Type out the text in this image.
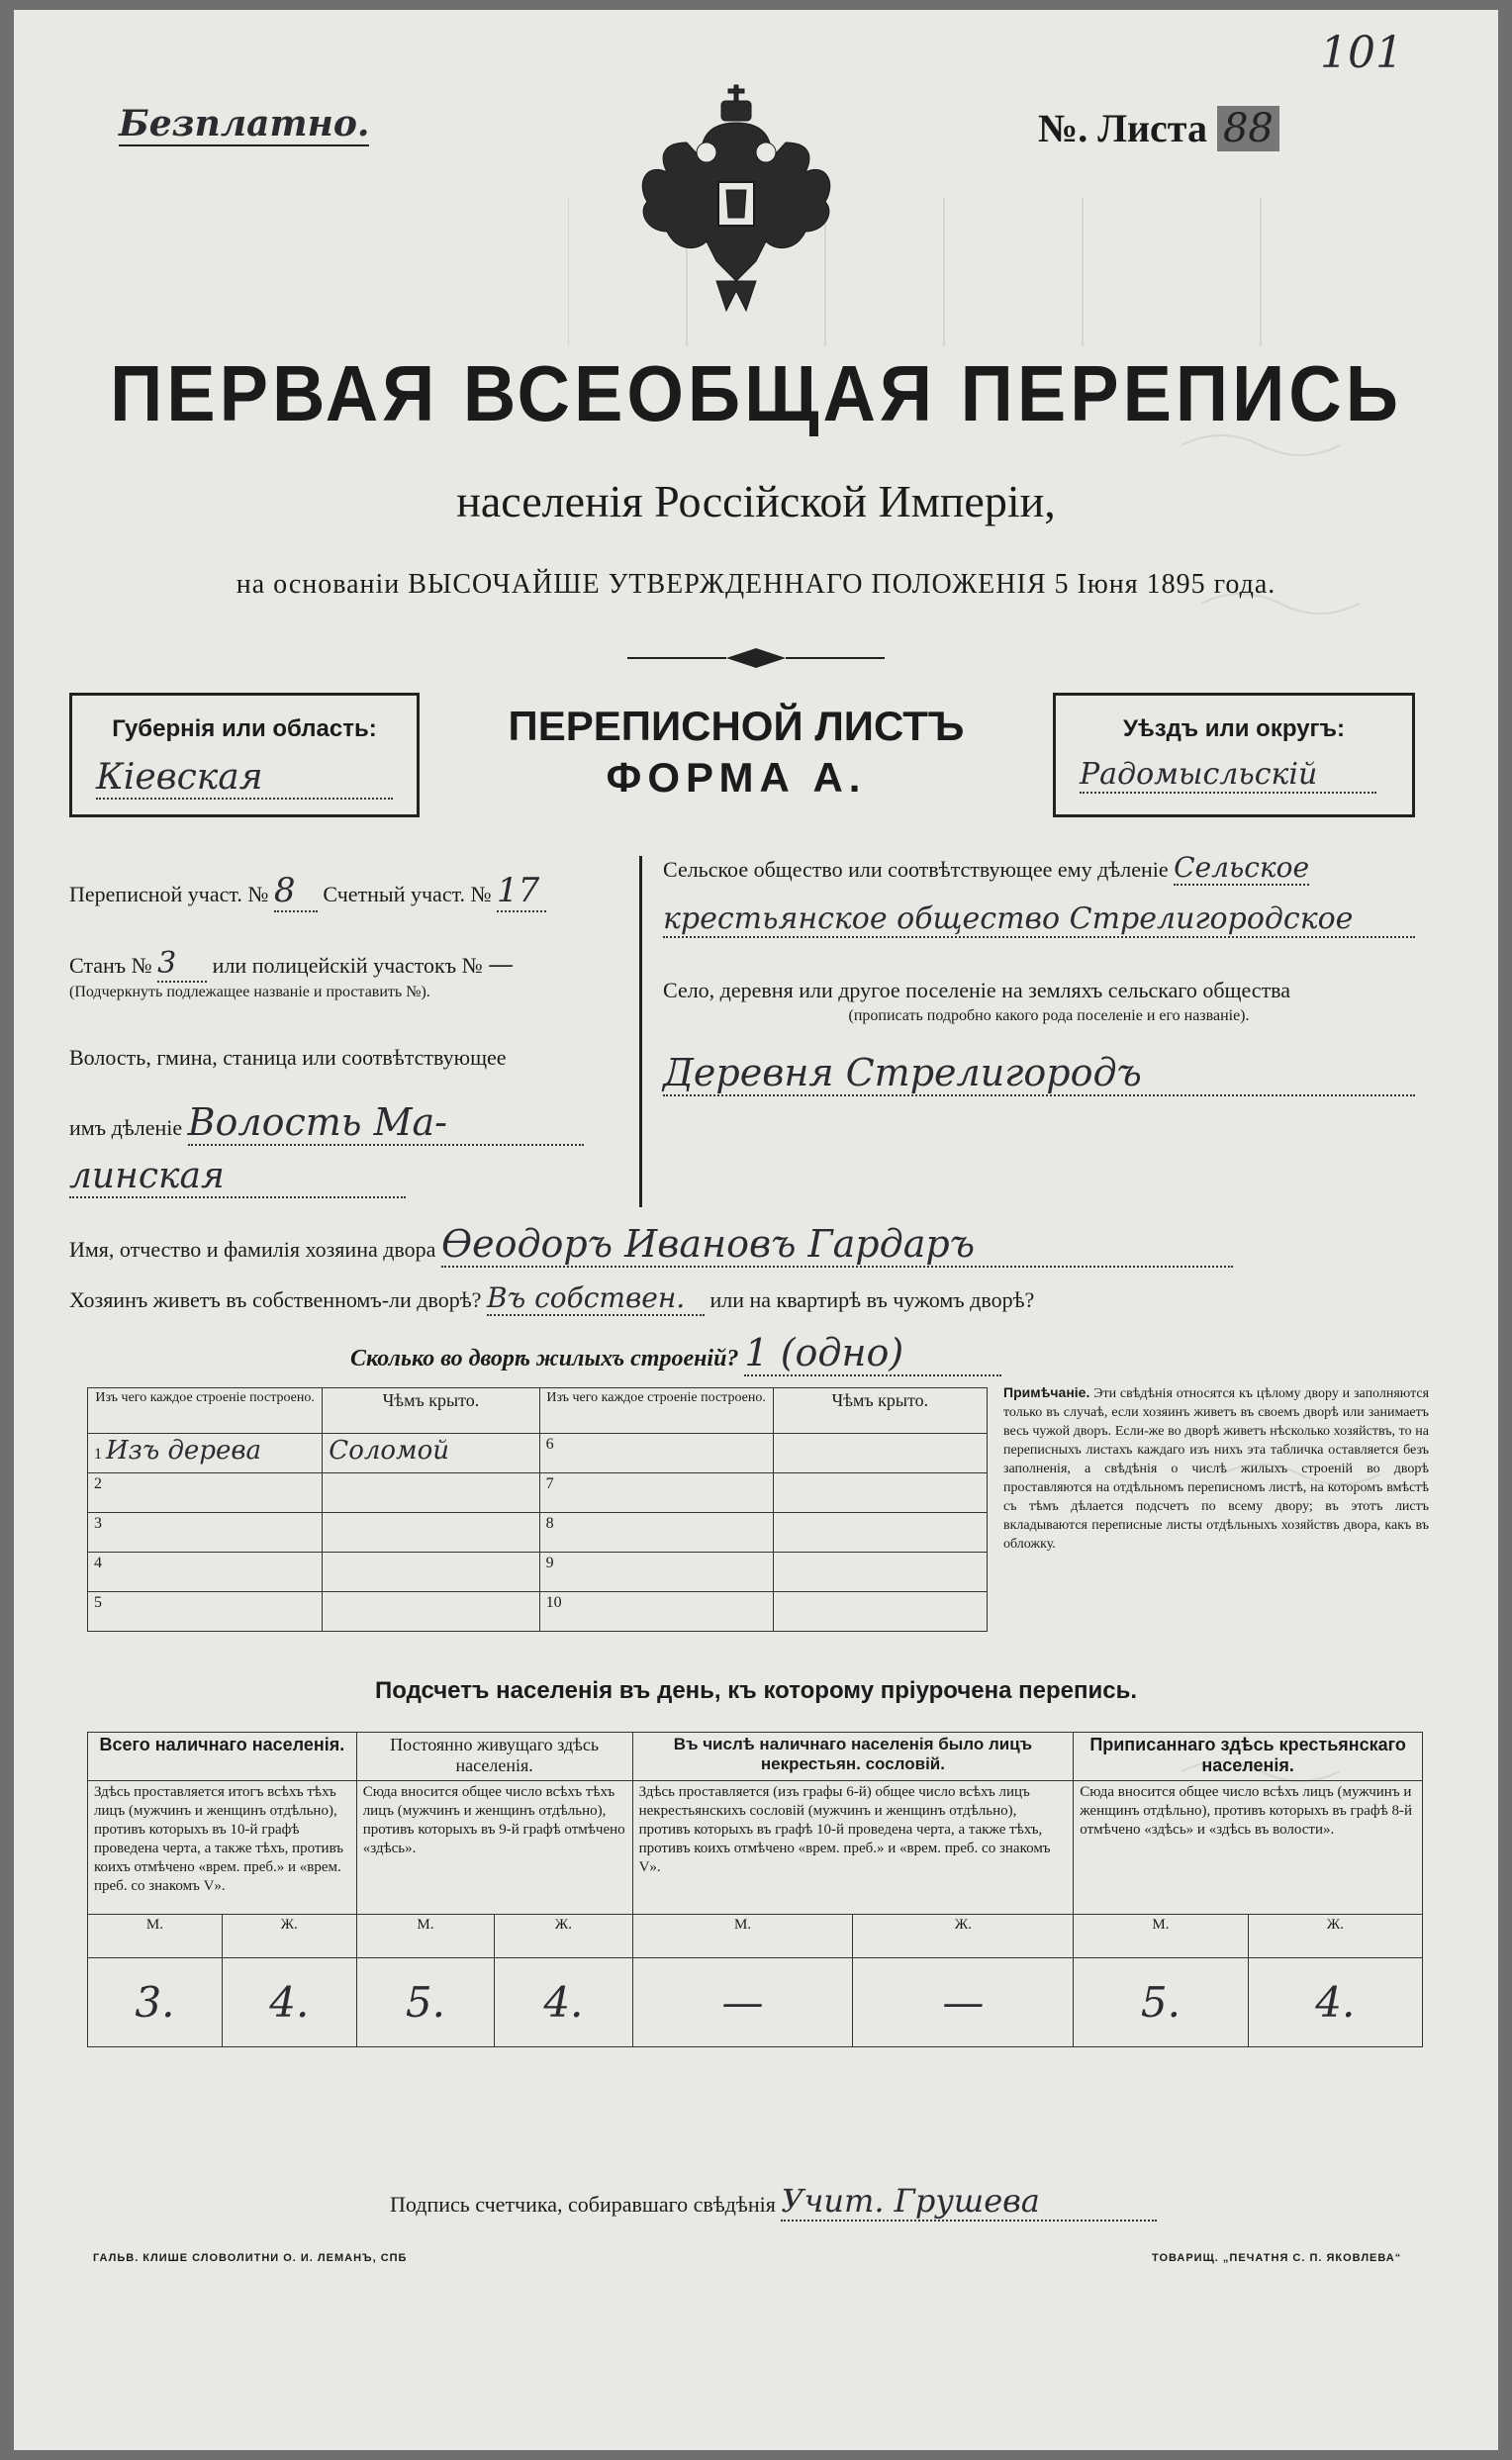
101
Безплатно.	№. Листа 88
ПЕРВАЯ ВСЕОБЩАЯ ПЕРЕПИСЬ
населенія Россійской Имперіи,
на основаніи ВЫСОЧАЙШЕ УТВЕРЖДЕННАГО ПОЛОЖЕНІЯ 5 Іюня 1895 года.
Губернія или область:
Кіевская
ПЕРЕПИСНОЙ ЛИСТЪ
ФОРМА А.
Уѣздъ или округъ:
Радомысльскій
Переписной участ. № 8 Счетный участ. № 17
Станъ № 3 или полицейскій участокъ № —
(Подчеркнуть подлежащее названіе и проставить №).
Волость, гмина, станица или соотвѣтствующее
имъ дѣленіе Волость Ма-
линская
Сельское общество или соотвѣтствующее ему дѣленіе Сельское
крестьянское общество Стрелигородское
Село, деревня или другое поселеніе на земляхъ сельскаго общества
(прописать подробно какого рода поселеніе и его названіе).
Деревня Стрелигородъ
Имя, отчество и фамилія хозяина двора Ѳеодоръ Ивановъ Гардаръ
Хозяинъ живетъ въ собственномъ-ли дворѣ? Въ собствен. или на квартирѣ въ чужомъ дворѣ?
Сколько во дворѣ жилыхъ строеній? 1 (одно)
Изъ чего каждое строеніе построено.	Чѣмъ крыто.	Изъ чего каждое строеніе построено.	Чѣмъ крыто.
1 Изъ дерева	Соломой	6	
2		7	
3		8	
4		9	
5		10	
Примѣчаніе. Эти свѣдѣнія относятся къ цѣлому двору и заполняются только въ случаѣ, если хозяинъ живетъ въ своемъ дворѣ или занимаетъ весь чужой дворъ. Если-же во дворѣ живетъ нѣсколько хозяйствъ, то на переписныхъ листахъ каждаго изъ нихъ эта табличка оставляется безъ заполненія, а свѣдѣнія о числѣ жилыхъ строеній во дворѣ проставляются на отдѣльномъ переписномъ листѣ, на которомъ вмѣстѣ съ тѣмъ дѣлается подсчетъ по всему двору; въ этотъ листъ вкладываются переписные листы отдѣльныхъ хозяйствъ двора, какъ въ обложку.
Подсчетъ населенія въ день, къ которому пріурочена перепись.
Всего наличнаго населенія.		Постоянно живущаго здѣсь населенія.		Въ числѣ наличнаго населенія было лицъ некрестьян. сословій.		Приписаннаго здѣсь крестьянскаго населенія.	
Здѣсь проставляется итогъ всѣхъ тѣхъ лицъ (мужчинъ и женщинъ отдѣльно), противъ которыхъ въ 10-й графѣ проведена черта, а также тѣхъ, противъ коихъ отмѣчено «врем. преб.» и «врем. преб. со знакомъ V».		Сюда вносится общее число всѣхъ тѣхъ лицъ (мужчинъ и женщинъ отдѣльно), противъ которыхъ въ 9-й графѣ отмѣчено «здѣсь».		Здѣсь проставляется (изъ графы 6-й) общее число всѣхъ лицъ некрестьянскихъ сословій (мужчинъ и женщинъ отдѣльно), противъ которыхъ въ графѣ 10-й проведена черта, а также тѣхъ, противъ коихъ отмѣчено «врем. преб.» и «врем. преб. со знакомъ V».		Сюда вносится общее число всѣхъ лицъ (мужчинъ и женщинъ отдѣльно), противъ которыхъ въ графѣ 8-й отмѣчено «здѣсь» и «здѣсь въ волости».	
М.	Ж.	М.	Ж.	М.	Ж.	М.	Ж.
3.	4.	5.	4.	—	—	5.	4.
Подпись счетчика, собиравшаго свѣдѣнія Учит. Грушева
ГАЛЬВ. КЛИШЕ СЛОВОЛИТНИ О. И. ЛЕМАНЪ, СПБ	ТОВАРИЩ. „ПЕЧАТНЯ С. П. ЯКОВЛЕВА“
